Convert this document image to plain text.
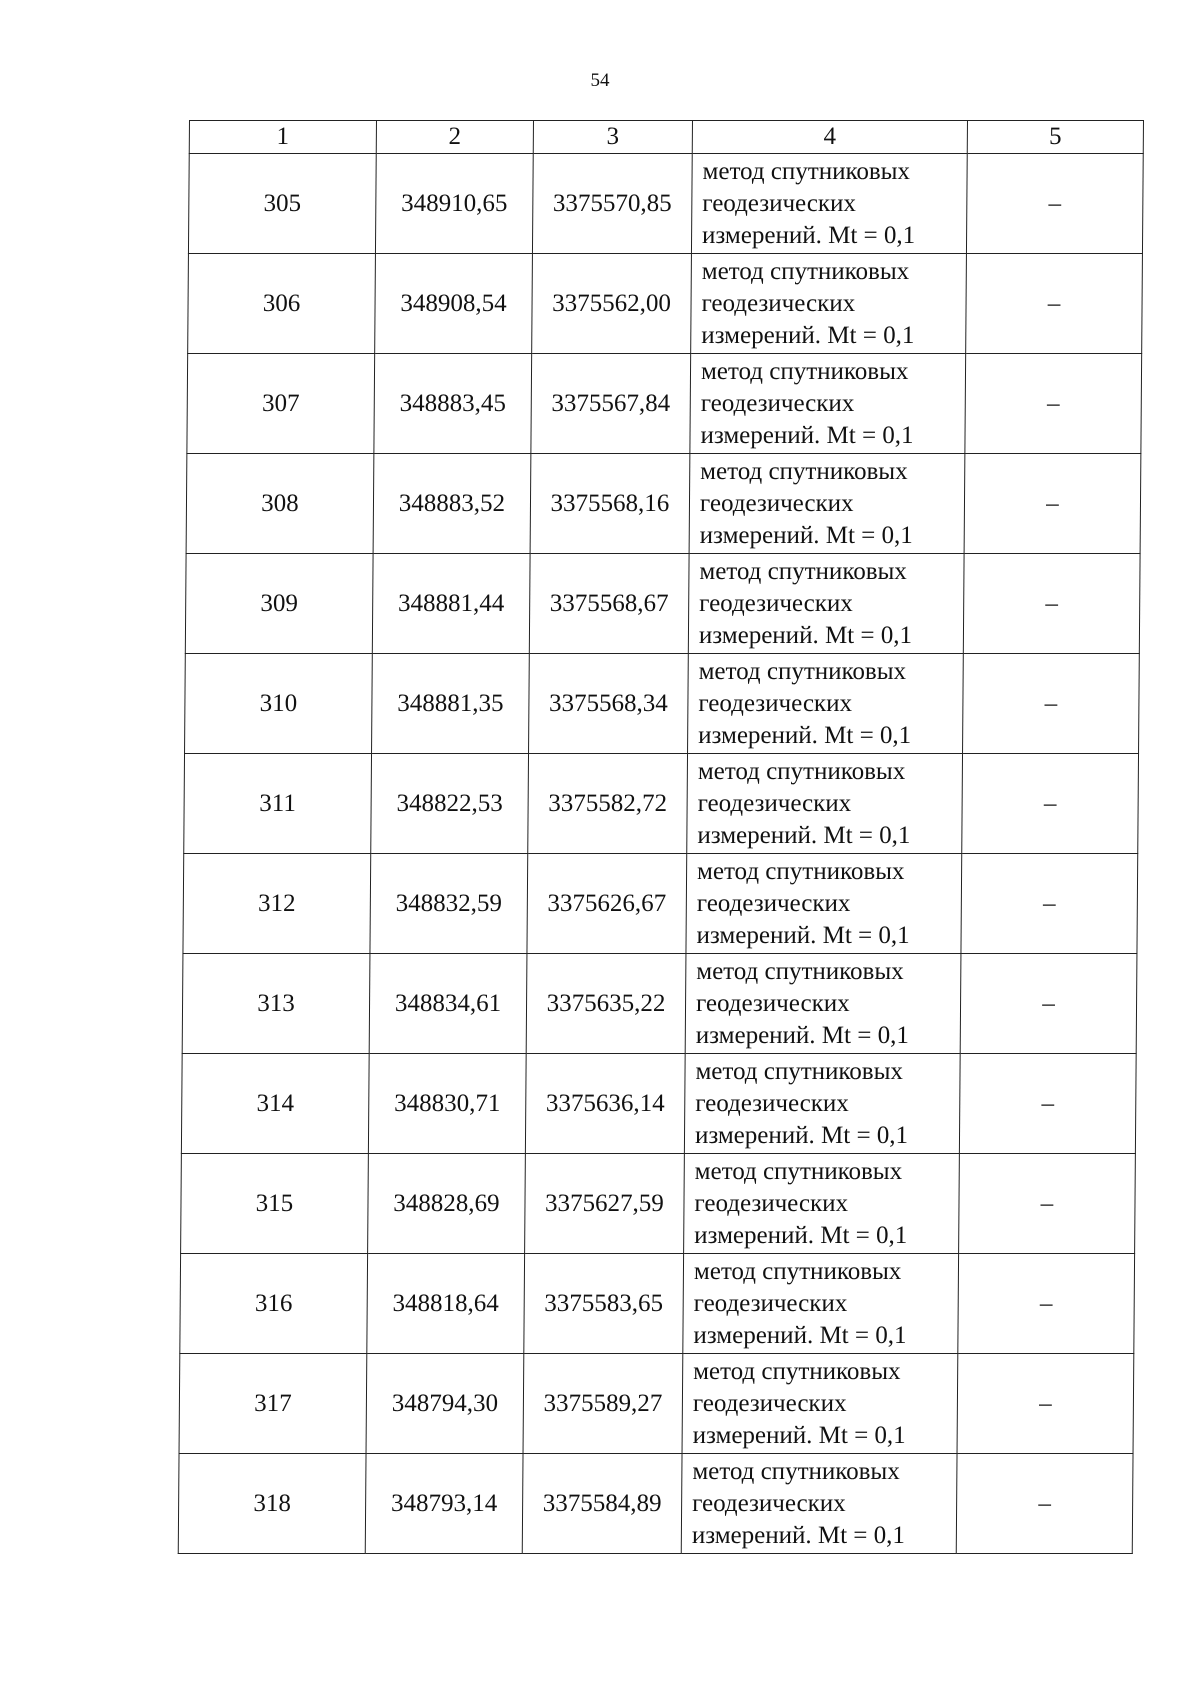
54
1	2	3	4	5
305	348910,65	3375570,85	метод спутниковых
геодезических
измерений. Mt = 0,1	–
306	348908,54	3375562,00	метод спутниковых
геодезических
измерений. Mt = 0,1	–
307	348883,45	3375567,84	метод спутниковых
геодезических
измерений. Mt = 0,1	–
308	348883,52	3375568,16	метод спутниковых
геодезических
измерений. Mt = 0,1	–
309	348881,44	3375568,67	метод спутниковых
геодезических
измерений. Mt = 0,1	–
310	348881,35	3375568,34	метод спутниковых
геодезических
измерений. Mt = 0,1	–
311	348822,53	3375582,72	метод спутниковых
геодезических
измерений. Mt = 0,1	–
312	348832,59	3375626,67	метод спутниковых
геодезических
измерений. Mt = 0,1	–
313	348834,61	3375635,22	метод спутниковых
геодезических
измерений. Mt = 0,1	–
314	348830,71	3375636,14	метод спутниковых
геодезических
измерений. Mt = 0,1	–
315	348828,69	3375627,59	метод спутниковых
геодезических
измерений. Mt = 0,1	–
316	348818,64	3375583,65	метод спутниковых
геодезических
измерений. Mt = 0,1	–
317	348794,30	3375589,27	метод спутниковых
геодезических
измерений. Mt = 0,1	–
318	348793,14	3375584,89	метод спутниковых
геодезических
измерений. Mt = 0,1	–
